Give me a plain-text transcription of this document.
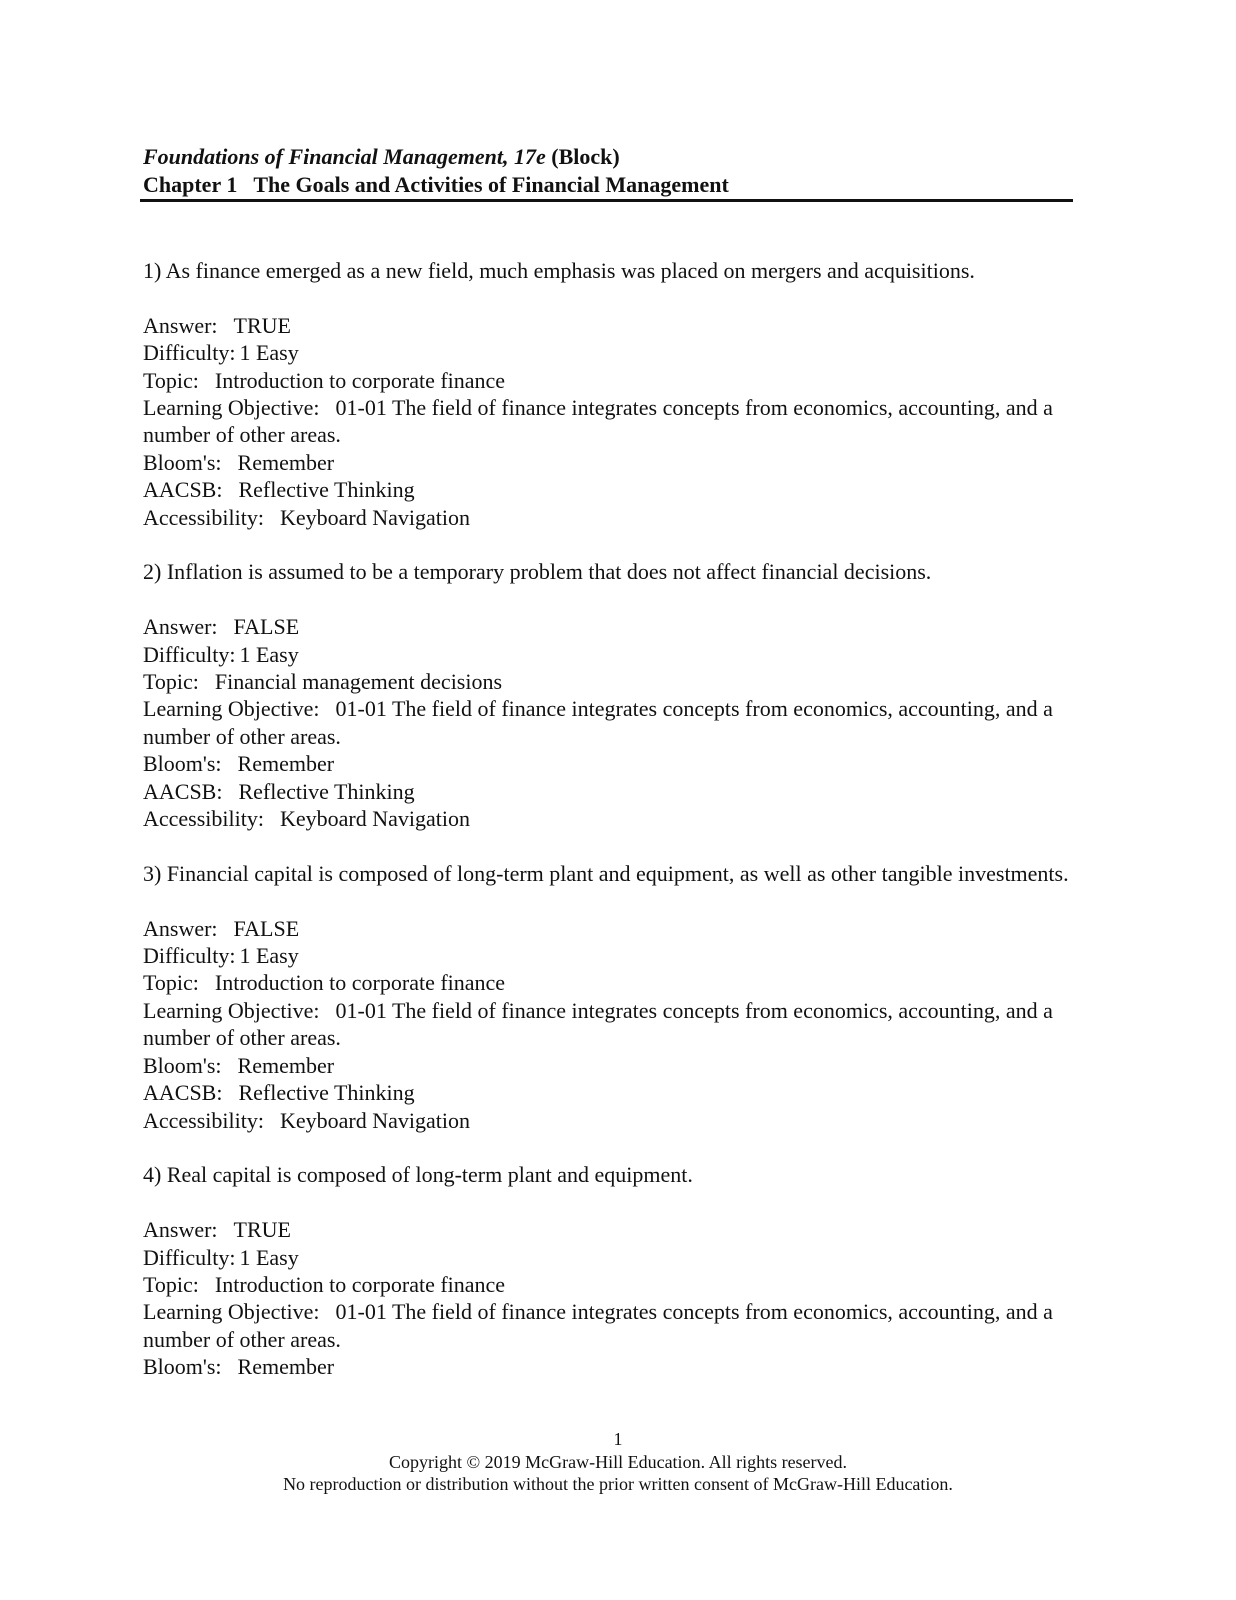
Foundations of Financial Management, 17e (Block)
Chapter 1 The Goals and Activities of Financial Management

1) As finance emerged as a new field, much emphasis was placed on mergers and acquisitions.

Answer: TRUE

Difficulty: 1 Easy

Topic: Introduction to corporate finance

Learning Objective: 01-01 The field of finance integrates concepts from economics, accounting, and a number of other areas.

Bloom's: Remember

AACSB: Reflective Thinking

Accessibility: Keyboard Navigation

2) Inflation is assumed to be a temporary problem that does not affect financial decisions.

Answer: FALSE

Difficulty: 1 Easy

Topic: Financial management decisions

Learning Objective: 01-01 The field of finance integrates concepts from economics, accounting, and a number of other areas.

Bloom's: Remember

AACSB: Reflective Thinking

Accessibility: Keyboard Navigation

3) Financial capital is composed of long-term plant and equipment, as well as other tangible investments.

Answer: FALSE

Difficulty: 1 Easy

Topic: Introduction to corporate finance

Learning Objective: 01-01 The field of finance integrates concepts from economics, accounting, and a number of other areas.

Bloom's: Remember

AACSB: Reflective Thinking

Accessibility: Keyboard Navigation

4) Real capital is composed of long-term plant and equipment.

Answer: TRUE

Difficulty: 1 Easy

Topic: Introduction to corporate finance

Learning Objective: 01-01 The field of finance integrates concepts from economics, accounting, and a number of other areas.

Bloom's: Remember

1
Copyright © 2019 McGraw-Hill Education. All rights reserved.
No reproduction or distribution without the prior written consent of McGraw-Hill Education.
